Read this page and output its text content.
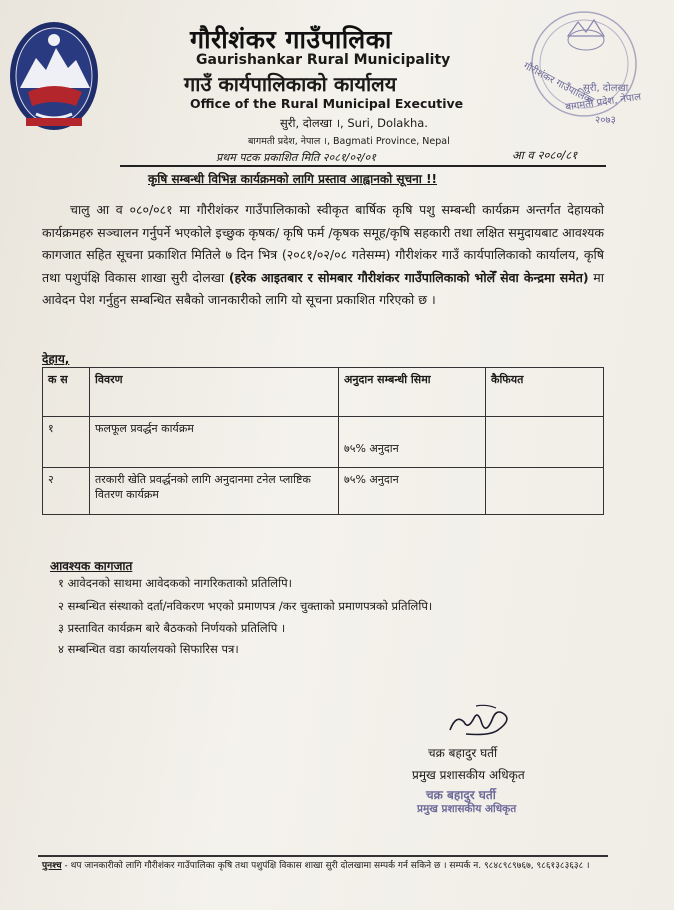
गौरीशंकर गाउँपालिका
सुरी, दोलखा
बागमती प्रदेश, नेपाल
२०७३
गौरीशंकर गाउँपालिका
Gaurishankar Rural Municipality
गाउँ कार्यपालिकाको कार्यालय
Office of the Rural Municipal Executive
सुरी, दोलखा ।, Suri, Dolakha.
बागमती प्रदेश, नेपाल ।, Bagmati Province, Nepal
प्रथम पटक प्रकाशित मिति २०८१/०२/०१	आ व २०८०/८१
कृषि सम्बन्धी विभिन्न कार्यक्रमको लागि प्रस्ताव आह्वानको सूचना !!
चालु आ व ०८०/०८१ मा गौरीशंकर गाउँपालिकाको स्वीकृत बार्षिक कृषि पशु सम्बन्धी कार्यक्रम अन्तर्गत देहायको कार्यक्रमहरु सञ्चालन गर्नुपर्ने भएकोले इच्छुक कृषक/ कृषि फर्म /कृषक समूह/कृषि सहकारी तथा लक्षित समुदायबाट आवश्यक कागजात सहित सूचना प्रकाशित मितिले ७ दिन भित्र (२०८१/०२/०८ गतेसम्म) गौरीशंकर गाउँ कार्यपालिकाको कार्यालय, कृषि तथा पशुपंक्षि विकास शाखा सुरी दोलखा (हरेक आइतबार र सोमबार गौरीशंकर गाउँपालिकाको भोलेँ सेवा केन्द्रमा समेत) मा आवेदन पेश गर्नुहुन सम्बन्धित सबैको जानकारीको लागि यो सूचना प्रकाशित गरिएको छ ।
देहाय,
क स	विवरण	अनुदान सम्बन्धी सिमा	कैफियत
१	फलफूल प्रवर्द्धन कार्यक्रम	७५% अनुदान	

२	तरकारी खेति प्रवर्द्धनको लागि अनुदानमा टनेल प्लाष्टिक वितरण कार्यक्रम	७५% अनुदान	
आवश्यक कागजात
१ आवेदनको साथमा आवेदकको नागरिकताको प्रतिलिपि।
२ सम्बन्धित संस्थाको दर्ता/नविकरण भएको प्रमाणपत्र /कर चुक्ताको प्रमाणपत्रको प्रतिलिपि।
३ प्रस्तावित कार्यक्रम बारे बैठकको निर्णयको प्रतिलिपि ।
४ सम्बन्धित वडा कार्यालयको सिफारिस पत्र।
चक्र बहादुर घर्ती
प्रमुख प्रशासकीय अधिकृत
चक्र बहादुर घर्ती
प्रमुख प्रशासकीय अधिकृत
पुनश्च - थप जानकारीको लागि गौरीशंकर गाउँपालिका कृषि तथा पशुपंक्षि विकास शाखा सुरी दोलखामा सम्पर्क गर्न सकिने छ । सम्पर्क न. ९८४८९८९७६७, ९८६१३८३६३८ ।
